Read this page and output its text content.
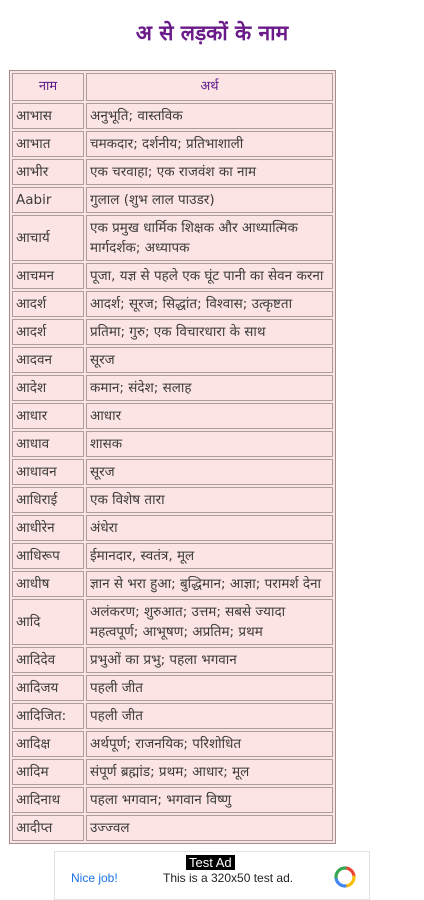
अ से लड़कों के नाम
नाम	अर्थ
आभास	अनुभूति; वास्तविक
आभात	चमकदार; दर्शनीय; प्रतिभाशाली
आभीर	एक चरवाहा; एक राजवंश का नाम
Aabir	गुलाल (शुभ लाल पाउडर)
आचार्य	एक प्रमुख धार्मिक शिक्षक और आध्यात्मिक मार्गदर्शक; अध्यापक
आचमन	पूजा, यज्ञ से पहले एक घूंट पानी का सेवन करना
आदर्श	आदर्श; सूरज; सिद्धांत; विश्वास; उत्कृष्टता
आदर्श	प्रतिमा; गुरु; एक विचारधारा के साथ
आदवन	सूरज
आदेश	कमान; संदेश; सलाह
आधार	आधार
आधाव	शासक
आधावन	सूरज
आधिराई	एक विशेष तारा
आधीरेन	अंधेरा
आधिरूप	ईमानदार, स्वतंत्र, मूल
आधीष	ज्ञान से भरा हुआ; बुद्धिमान; आज्ञा; परामर्श देना
आदि	अलंकरण; शुरुआत; उत्तम; सबसे ज्यादा महत्वपूर्ण; आभूषण; अप्रतिम; प्रथम
आदिदेव	प्रभुओं का प्रभु; पहला भगवान
आदिजय	पहली जीत
आदिजित:	पहली जीत
आदिक्ष	अर्थपूर्ण; राजनयिक; परिशोधित
आदिम	संपूर्ण ब्रह्मांड; प्रथम; आधार; मूल
आदिनाथ	पहला भगवान; भगवान विष्णु
आदीप्त	उज्ज्वल
Test Ad
Nice job!	This is a 320x50 test ad.
